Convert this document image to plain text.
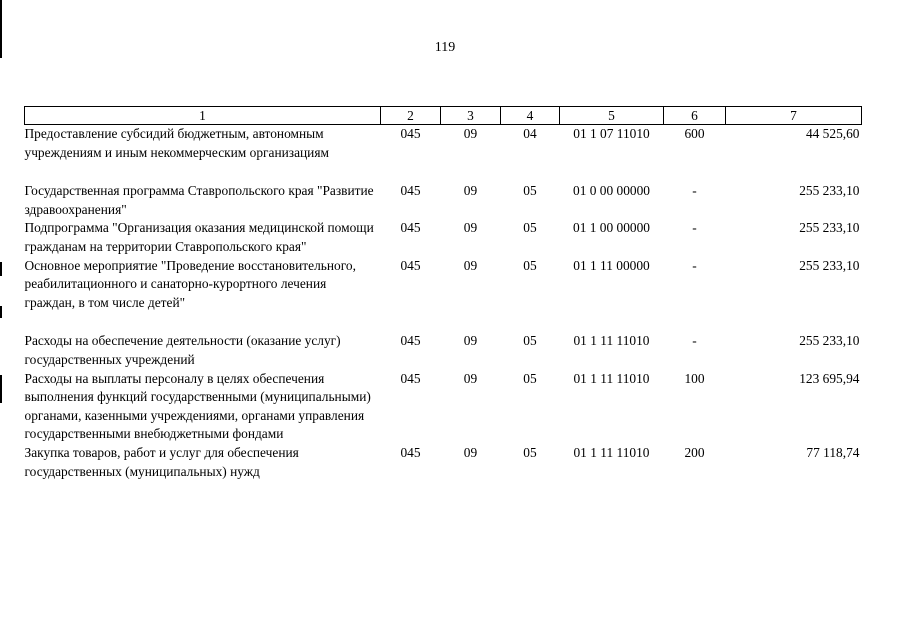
119
1	2	3	4	5	6	7
Предоставление субсидий бюджетным, автономным учреждениям и иным некоммерческим организациям	045	09	04	01 1 07 11010	600	44 525,60

Государственная программа Ставропольского края "Развитие здравоохранения"	045	09	05	01 0 00 00000	-	255 233,10
Подпрограмма "Организация оказания медицинской помощи гражданам на территории Ставропольского края"	045	09	05	01 1 00 00000	-	255 233,10
Основное мероприятие "Проведение восстановительного, реабилитационного и санаторно-курортного лечения граждан, в том числе детей"	045	09	05	01 1 11 00000	-	255 233,10

Расходы на обеспечение деятельности (оказание услуг) государственных учреждений	045	09	05	01 1 11 11010	-	255 233,10
Расходы на выплаты персоналу в целях обеспечения выполнения функций государственными (муниципальными) органами, казенными учреждениями, органами управления государственными внебюджетными фондами	045	09	05	01 1 11 11010	100	123 695,94
Закупка товаров, работ и услуг для обеспечения государственных (муниципальных) нужд	045	09	05	01 1 11 11010	200	77 118,74
